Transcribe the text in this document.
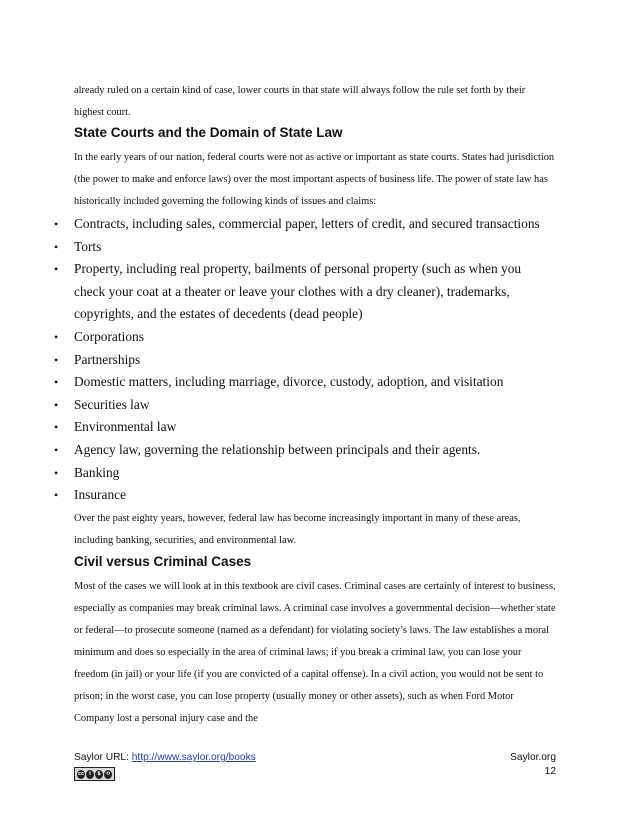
already ruled on a certain kind of case, lower courts in that state will always follow the rule set forth by their highest court.

State Courts and the Domain of State Law

In the early years of our nation, federal courts were not as active or important as state courts. States had jurisdiction (the power to make and enforce laws) over the most important aspects of business life. The power of state law has historically included governing the following kinds of issues and claims:

• Contracts, including sales, commercial paper, letters of credit, and secured transactions
• Torts
• Property, including real property, bailments of personal property (such as when you check your coat at a theater or leave your clothes with a dry cleaner), trademarks, copyrights, and the estates of decedents (dead people)
• Corporations
• Partnerships
• Domestic matters, including marriage, divorce, custody, adoption, and visitation
• Securities law
• Environmental law
• Agency law, governing the relationship between principals and their agents.
• Banking
• Insurance

Over the past eighty years, however, federal law has become increasingly important in many of these areas, including banking, securities, and environmental law.

Civil versus Criminal Cases

Most of the cases we will look at in this textbook are civil cases. Criminal cases are certainly of interest to business, especially as companies may break criminal laws. A criminal case involves a governmental decision—whether state or federal—to prosecute someone (named as a defendant) for violating society’s laws. The law establishes a moral minimum and does so especially in the area of criminal laws; if you break a criminal law, you can lose your freedom (in jail) or your life (if you are convicted of a capital offense). In a civil action, you would not be sent to prison; in the worst case, you can lose property (usually money or other assets), such as when Ford Motor Company lost a personal injury case and the

Saylor URL: http://www.saylor.org/books	Saylor.org
12
cc	i	$	⟲
